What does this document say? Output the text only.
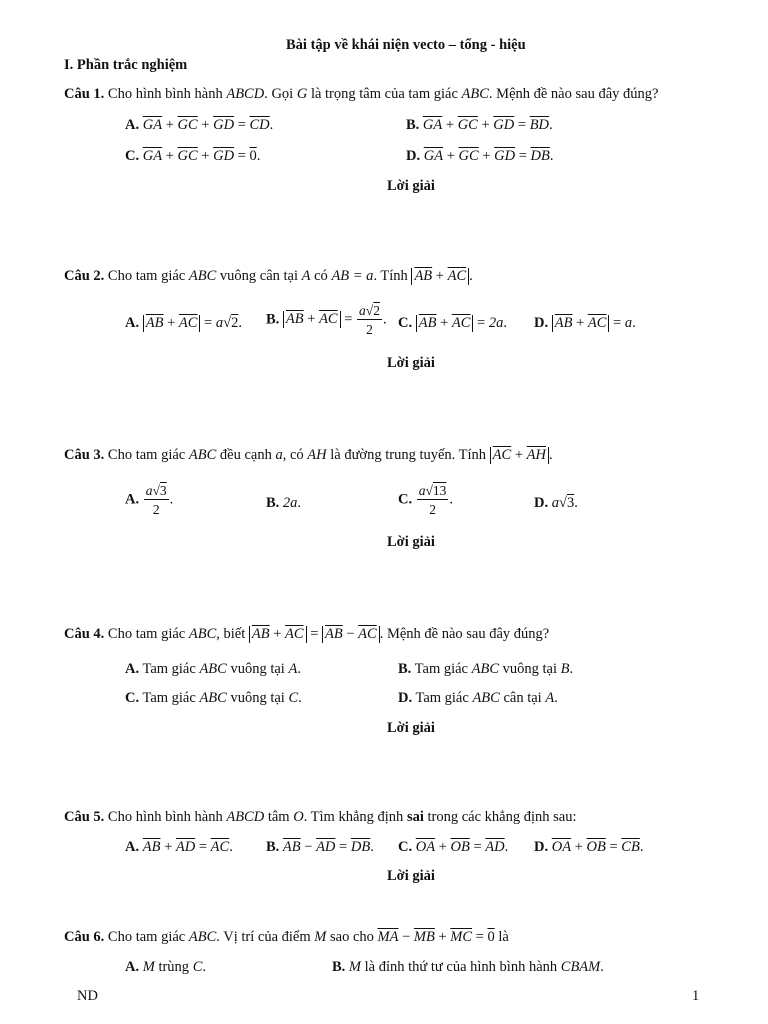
Bài tập về khái niện vecto – tổng - hiệu
I. Phần trắc nghiệm
Câu 1. Cho hình bình hành ABCD. Gọi G là trọng tâm của tam giác ABC. Mệnh đề nào sau đây đúng?
A. $\overline{GA} + \overline{GC} + \overline{GD} = \overline{CD}$.	B. $\overline{GA} + \overline{GC} + \overline{GD} = \overline{BD}$.
C. $\overline{GA} + \overline{GC} + \overline{GD} = 0$.	D. $\overline{GA} + \overline{GC} + \overline{GD} = \overline{DB}$.
Lời giải
Câu 2. Cho tam giác ABC vuông cân tại A có AB = a. Tính $\overline{AB} + \overline{AC}$ .
A. $\overline{AB} + \overline{AC} = a√2$. B. $\overline{AB} + \overline{AC} = \frac{a√2}{2}$ . C. $\overline{AB} + \overline{AC} = 2a$. D. $\overline{AB} + \overline{AC} = a$.
Lời giải
Câu 3. Cho tam giác ABC đều cạnh a, có AH là đường trung tuyến. Tính $\overline{AC} + \overline{AH}$ .
A. $\frac{a√3}{2}$ .	B. 2a.	C. $\frac{a√13}{2}$ .	D. a√3.
Lời giải
Câu 4. Cho tam giác ABC, biết $\overline{AB} + \overline{AC} = \overline{AB} - \overline{AC}$ . Mệnh đề nào sau đây đúng?
A. Tam giác ABC vuông tại A.	B. Tam giác ABC vuông tại B.
C. Tam giác ABC vuông tại C.	D. Tam giác ABC cân tại A.
Lời giải
Câu 5. Cho hình bình hành ABCD tâm O. Tìm khẳng định sai trong các khẳng định sau:
A. $\overline{AB} + \overline{AD} = \overline{AC}$. B. $\overline{AB} - \overline{AD} = \overline{DB}$. C. $\overline{OA} + \overline{OB} = \overline{AD}$. D. $\overline{OA} + \overline{OB} = \overline{CB}$.
Lời giải
Câu 6. Cho tam giác ABC. Vị trí của điểm M sao cho $\overline{MA} - \overline{MB} + \overline{MC} = 0$ là
A. M trùng C.	B. M là đỉnh thứ tư của hình bình hành CBAM.
ND	1
